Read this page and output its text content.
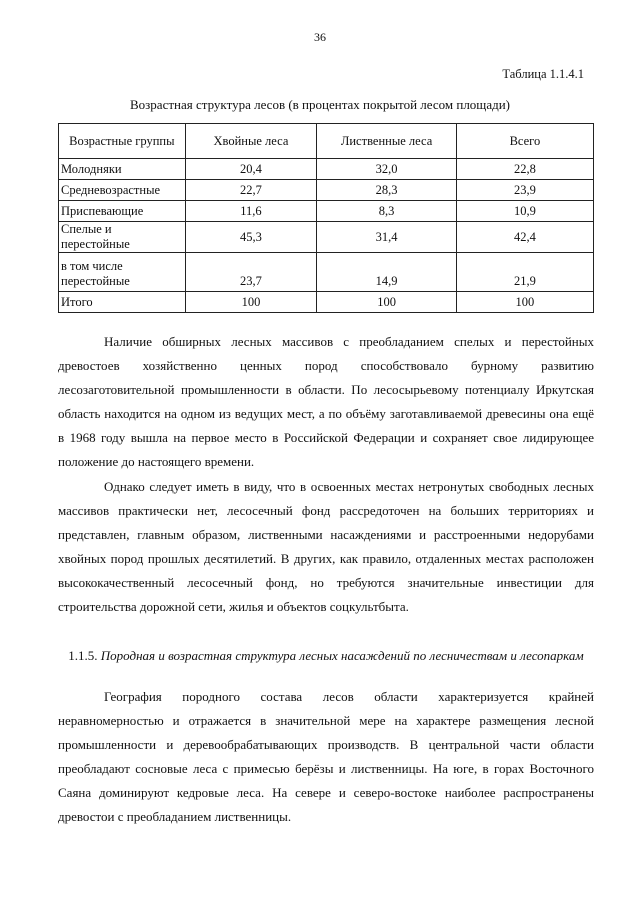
36
Таблица 1.1.4.1
Возрастная структура лесов (в процентах покрытой лесом площади)
Возрастные группы	Хвойные леса	Лиственные леса	Всего
Молодняки	20,4	32,0	22,8
Средневозрастные	22,7	28,3	23,9
Приспевающие	11,6	8,3	10,9
Спелые и перестойные	45,3	31,4	42,4
в том числе перестойные	23,7	14,9	21,9
Итого	100	100	100

Наличие обширных лесных массивов с преобладанием спелых и перестойных древостоев хозяйственно ценных пород способствовало бурному развитию лесозаготовительной промышленности в области. По лесосырьевому потенциалу Иркутская область находится на одном из ведущих мест, а по объёму заготавливаемой древесины она ещё в 1968 году вышла на первое место в Российской Федерации и сохраняет свое лидирующее положение до настоящего времени.

Однако следует иметь в виду, что в освоенных местах нетронутых свободных лесных массивов практически нет, лесосечный фонд рассредоточен на больших территориях и представлен, главным образом, лиственными насаждениями и расстроенными недорубами хвойных пород прошлых десятилетий. В других, как правило, отдаленных местах расположен высококачественный лесосечный фонд, но требуются значительные инвестиции для строительства дорожной сети, жилья и объектов соцкультбыта.

1.1.5. Породная и возрастная структура лесных насаждений по лесничествам и лесопаркам

География породного состава лесов области характеризуется крайней неравномерностью и отражается в значительной мере на характере размещения лесной промышленности и деревообрабатывающих производств. В центральной части области преобладают сосновые леса с примесью берёзы и лиственницы. На юге, в горах Восточного Саяна доминируют кедровые леса. На севере и северо-востоке наиболее распространены древостои с преобладанием лиственницы.
